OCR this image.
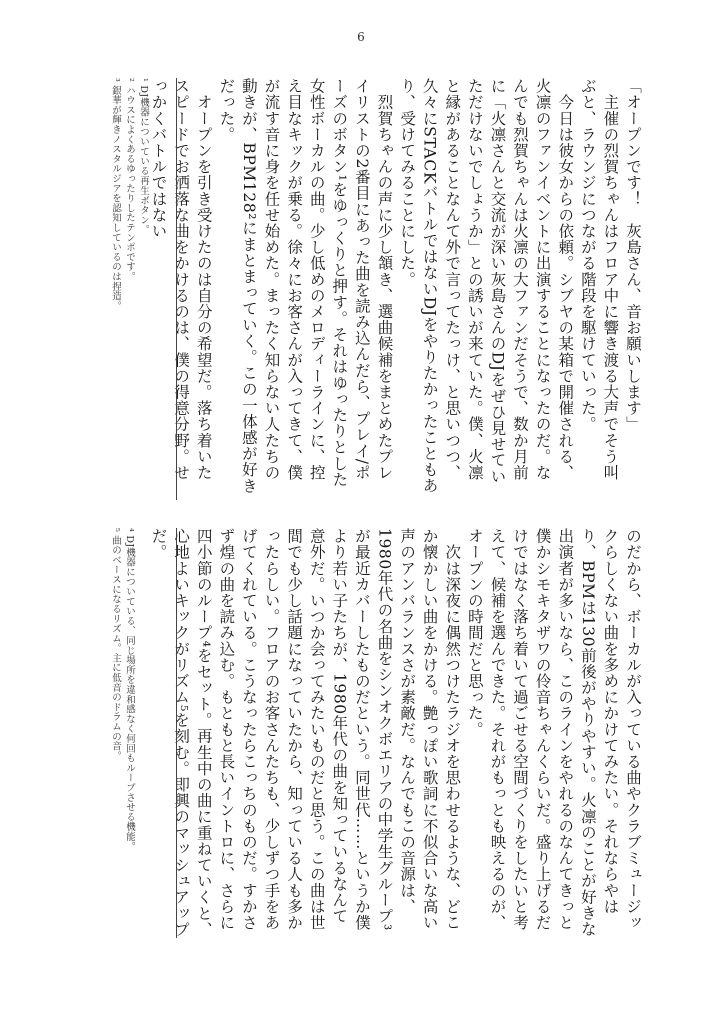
6

「オープンです！　灰島さん、音お願いします」

　主催の烈賀ちゃんはフロア中に響き渡る大声でそう叫ぶと、ラウンジにつながる階段を駆けていった。

　今日は彼女からの依頼。シブヤの某箱で開催される、火凛のファンイベントに出演することになったのだ。なんでも烈賀ちゃんは火凛の大ファンだそうで、数か月前に「火凛さんと交流が深い灰島さんのDJをぜひ見せていただけないでしょうか」との誘いが来ていた。僕、火凛と縁があることなんて外で言ってたっけ、と思いつつ、久々にSTACKバトルではないDJをやりたかったこともあり、受けてみることにした。

　烈賀ちゃんの声に少し頷き、選曲候補をまとめたプレイリストの2番目にあった曲を読み込んだら、プレイ/ポーズのボタン¹をゆっくりと押す。それはゆったりとした女性ボーカルの曲。少し低めのメロディーラインに、控え目なキックが乗る。徐々にお客さんが入ってきて、僕が流す音に身を任せ始めた。まったく知らない人たちの動きが、BPM128²にまとまっていく。この一体感が好きだった。

　オープンを引き受けたのは自分の希望だ。落ち着いたスピードでお洒落な曲をかけるのは、僕の得意分野。せっかくバトルではない

¹ DJ機器についている再生ボタン。

² ハウスによくあるゆったりしたテンポです。

³ 銀華が輝きノスタルジアを認知しているのは捏造。

のだから、ボーカルが入っている曲やクラブミュージックらしくない曲を多めにかけてみたい。それならやはり、BPMは130前後がやりやすい。火凛のことが好きな出演者が多いなら、このラインをやれるのなんてきっと僕かシモキタザワの伶音ちゃんくらいだ。盛り上げるだけではなく落ち着いて過ごせる空間づくりをしたいと考えて、候補を選んできた。それがもっとも映えるのが、オープンの時間だと思った。

　次は深夜に偶然つけたラジオを思わせるような、どこか懐かしい曲をかける。艶っぽい歌詞に不似合いな高い声のアンバランスさが素敵だ。なんでもこの音源は、1980年代の名曲をシンオクボエリアの中学生グループ³が最近カバーしたものだという。同世代……というか僕より若い子たちが、1980年代の曲を知っているなんて意外だ。いつか会ってみたいものだと思う。この曲は世間でも少し話題になっていたから、知っている人も多かったらしい。フロアのお客さんたちも、少しずつ手をあげてくれている。こうなったらこっちのものだ。すかさず煌の曲を読み込む。もともと長いイントロに、さらに四小節のループ⁴をセット。再生中の曲に重ねていくと、心地よいキックがリズム⁵を刻む。即興のマッシュアップだ。

⁴ DJ機器についている、同じ場所を違和感なく何回もループさせる機能。

⁵ 曲のベースになるリズム。主に低音のドラムの音。
